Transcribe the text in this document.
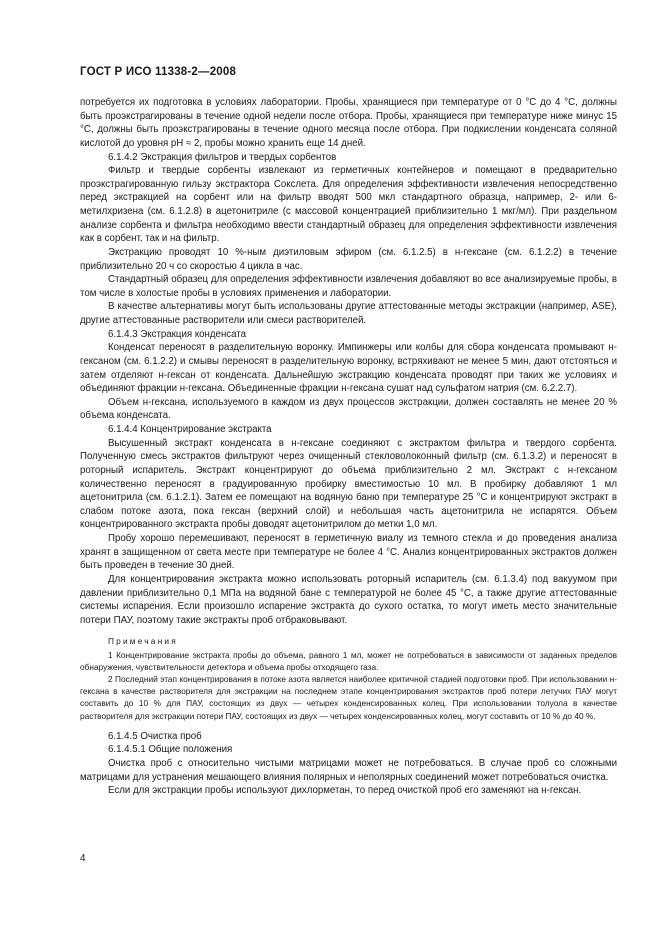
ГОСТ Р ИСО 11338-2—2008

потребуется их подготовка в условиях лаборатории. Пробы, хранящиеся при температуре от 0 °С до 4 °С, должны быть проэкстрагированы в течение одной недели после отбора. Пробы, хранящиеся при температуре ниже минус 15 °С, должны быть проэкстрагированы в течение одного месяца после отбора. При подкислении конденсата соляной кислотой до уровня рН ≈ 2, пробы можно хранить еще 14 дней.

6.1.4.2 Экстракция фильтров и твердых сорбентов

Фильтр и твердые сорбенты извлекают из герметичных контейнеров и помещают в предварительно проэкстрагированную гильзу экстрактора Сокслета. Для определения эффективности извлечения непосредственно перед экстракцией на сорбент или на фильтр вводят 500 мкл стандартного образца, например, 2- или 6-метилхризена (см. 6.1.2.8) в ацетонитриле (с массовой концентрацией приблизительно 1 мкг/мл). При раздельном анализе сорбента и фильтра необходимо ввести стандартный образец для определения эффективности извлечения как в сорбент, так и на фильтр.

Экстракцию проводят 10 %-ным диэтиловым эфиром (см. 6.1.2.5) в н-гексане (см. 6.1.2.2) в течение приблизительно 20 ч со скоростью 4 цикла в час.

Стандартный образец для определения эффективности извлечения добавляют во все анализируемые пробы, в том числе в холостые пробы в условиях применения и лаборатории.

В качестве альтернативы могут быть использованы другие аттестованные методы экстракции (например, ASE), другие аттестованные растворители или смеси растворителей.

6.1.4.3 Экстракция конденсата

Конденсат переносят в разделительную воронку. Импинжеры или колбы для сбора конденсата промывают н-гексаном (см. 6.1.2.2) и смывы переносят в разделительную воронку, встряхивают не менее 5 мин, дают отстояться и затем отделяют н-гексан от конденсата. Дальнейшую экстракцию конденсата проводят при таких же условиях и объединяют фракции н-гексана. Объединенные фракции н-гексана сушат над сульфатом натрия (см. 6.2.2.7).

Объем н-гексана, используемого в каждом из двух процессов экстракции, должен составлять не менее 20 % объема конденсата.

6.1.4.4 Концентрирование экстракта

Высушенный экстракт конденсата в н-гексане соединяют с экстрактом фильтра и твердого сорбента. Полученную смесь экстрактов фильтруют через очищенный стекловолоконный фильтр (см. 6.1.3.2) и переносят в роторный испаритель. Экстракт концентрируют до объема приблизительно 2 мл. Экстракт с н-гексаном количественно переносят в градуированную пробирку вместимостью 10 мл. В пробирку добавляют 1 мл ацетонитрила (см. 6.1.2.1). Затем ее помещают на водяную баню при температуре 25 °С и концентрируют экстракт в слабом потоке азота, пока гексан (верхний слой) и небольшая часть ацетонитрила не испарятся. Объем концентрированного экстракта пробы доводят ацетонитрилом до метки 1,0 мл.

Пробу хорошо перемешивают, переносят в герметичную виалу из темного стекла и до проведения анализа хранят в защищенном от света месте при температуре не более 4 °С. Анализ концентрированных экстрактов должен быть проведен в течение 30 дней.

Для концентрирования экстракта можно использовать роторный испаритель (см. 6.1.3.4) под вакуумом при давлении приблизительно 0,1 МПа на водяной бане с температурой не более 45 °С, а также другие аттестованные системы испарения. Если произошло испарение экстракта до сухого остатка, то могут иметь место значительные потери ПАУ, поэтому такие экстракты проб отбраковывают.

Примечания

1 Концентрирование экстракта пробы до объема, равного 1 мл, может не потребоваться в зависимости от заданных пределов обнаружения, чувствительности детектора и объема пробы отходящего газа.

2 Последний этап концентрирования в потоке азота является наиболее критичной стадией подготовки проб. При использовании н-гексана в качестве растворителя для экстракции на последнем этапе концентрирования экстрактов проб потери летучих ПАУ могут составить до 10 % для ПАУ, состоящих из двух — четырех конденсированных колец. При использовании толуола в качестве растворителя для экстракции потери ПАУ, состоящих из двух — четырех конденсированных колец, могут составить от 10 % до 40 %.

6.1.4.5 Очистка проб

6.1.4.5.1 Общие положения

Очистка проб с относительно чистыми матрицами может не потребоваться. В случае проб со сложными матрицами для устранения мешающего влияния полярных и неполярных соединений может потребоваться очистка.

Если для экстракции пробы используют дихлорметан, то перед очисткой проб его заменяют на н-гексан.

4
